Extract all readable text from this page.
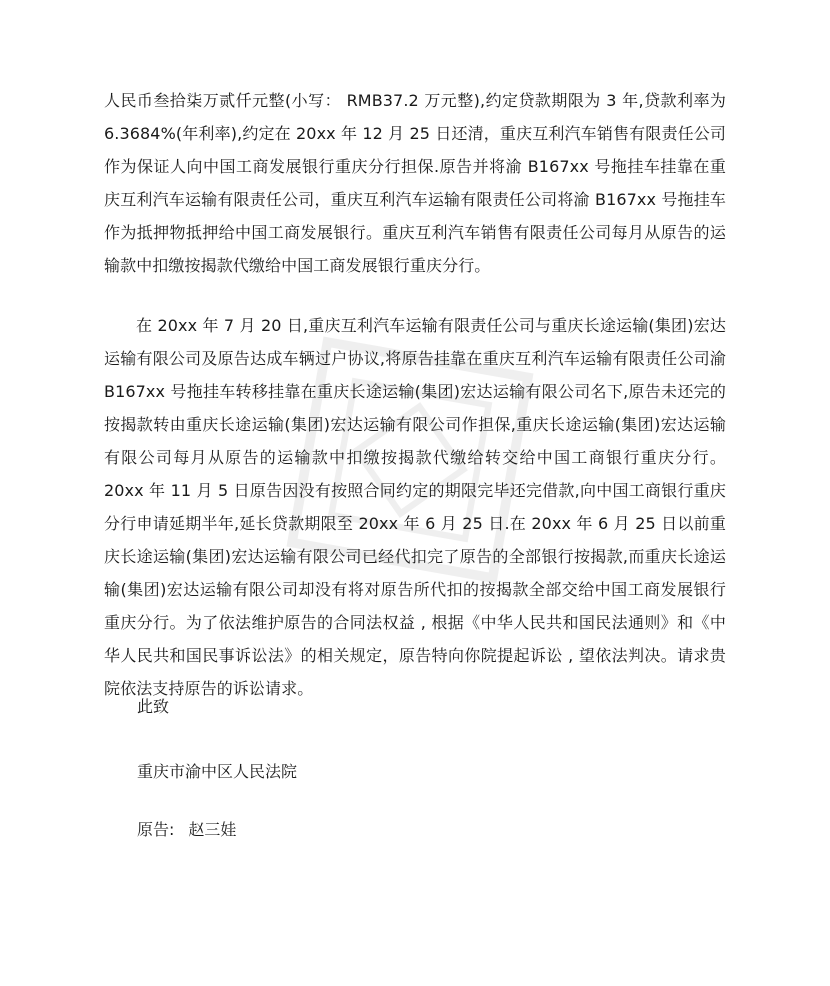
人民币叁拾柒万贰仟元整(小写： RMB37.2 万元整),约定贷款期限为 3 年,贷款利率为 6.3684%(年利率),约定在 20xx 年 12 月 25 日还清，重庆互利汽车销售有限责任公司作为保证人向中国工商发展银行重庆分行担保.原告并将渝 B167xx 号拖挂车挂靠在重庆互利汽车运输有限责任公司，重庆互利汽车运输有限责任公司将渝 B167xx 号拖挂车作为抵押物抵押给中国工商发展银行。重庆互利汽车销售有限责任公司每月从原告的运输款中扣缴按揭款代缴给中国工商发展银行重庆分行。

在 20xx 年 7 月 20 日,重庆互利汽车运输有限责任公司与重庆长途运输(集团)宏达运输有限公司及原告达成车辆过户协议,将原告挂靠在重庆互利汽车运输有限责任公司渝 B167xx 号拖挂车转移挂靠在重庆长途运输(集团)宏达运输有限公司名下,原告未还完的按揭款转由重庆长途运输(集团)宏达运输有限公司作担保,重庆长途运输(集团)宏达运输有限公司每月从原告的运输款中扣缴按揭款代缴给转交给中国工商银行重庆分行。 20xx 年 11 月 5 日原告因没有按照合同约定的期限完毕还完借款,向中国工商银行重庆分行申请延期半年,延长贷款期限至 20xx 年 6 月 25 日.在 20xx 年 6 月 25 日以前重庆长途运输(集团)宏达运输有限公司已经代扣完了原告的全部银行按揭款,而重庆长途运输(集团)宏达运输有限公司却没有将对原告所代扣的按揭款全部交给中国工商发展银行重庆分行。为了依法维护原告的合同法权益 , 根据《中华人民共和国民法通则》和《中华人民共和国民事诉讼法》的相关规定，原告特向你院提起诉讼 , 望依法判决。请求贵院依法支持原告的诉讼请求。

此致

重庆市渝中区人民法院

原告: 赵三娃
